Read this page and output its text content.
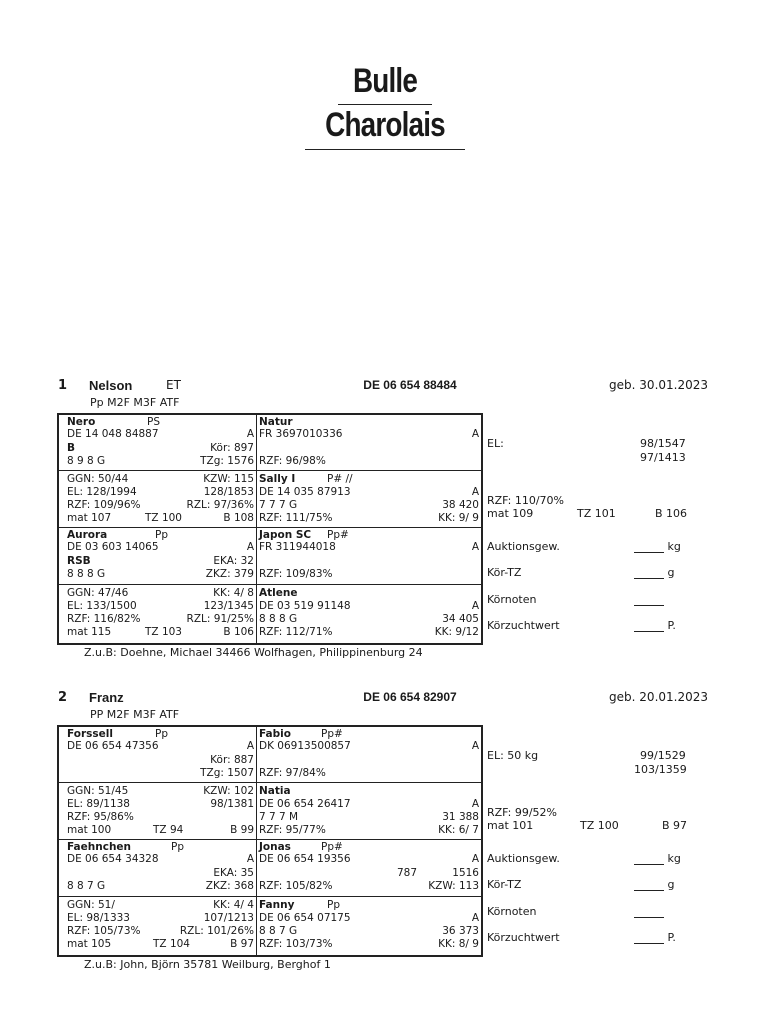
Bulle
Charolais
1 Nelson	ET	DE 06 654 88484	geb. 30.01.2023
Pp M2F M3F ATF
Nero	PS
DE 14 048 84887	A
B	Kör: 897
8 9 8 G	TZg: 1576
GGN: 50/44	KZW: 115
EL: 128/1994	128/1853
RZF: 109/96%	RZL: 97/36%
mat 107	TZ 100	B 108
Natur
FR 3697010336	A
RZF: 96/98%
Sally I	P# //
DE 14 035 87913	A
7 7 7 G	38 420
RZF: 111/75%	KK: 9/ 9
Aurora	Pp
DE 03 603 14065	A
RSB	EKA: 32
8 8 8 G	ZKZ: 379
GGN: 47/46	KK: 4/ 8
EL: 133/1500	123/1345
RZF: 116/82%	RZL: 91/25%
mat 115	TZ 103	B 106
Japon SC Pp#
FR 311944018	A
RZF: 109/83%
Atlene
DE 03 519 91148	A
8 8 8 G	34 405
RZF: 112/71%	KK: 9/12
EL:	98/1547
97/1413
RZF: 110/70%
mat 109	TZ 101	B 106
Auktionsgew.	kg
Kör-TZ	g
Körnoten
Körzuchtwert	P.
Z.u.B: Doehne, Michael 34466 Wolfhagen, Philippinenburg 24
2 Franz	DE 06 654 82907	geb. 20.01.2023
PP M2F M3F ATF
Forssell	Pp
DE 06 654 47356	A
Kör: 887
TZg: 1507
GGN: 51/45	KZW: 102
EL: 89/1138	98/1381
RZF: 95/86%
mat 100	TZ 94	B 99
Fabio	Pp#
DK 06913500857	A
RZF: 97/84%
Natia
DE 06 654 26417	A
7 7 7 M	31 388
RZF: 95/77%	KK: 6/ 7
Faehnchen	Pp
DE 06 654 34328	A
EKA: 35
8 8 7 G	ZKZ: 368
GGN: 51/	KK: 4/ 4
EL: 98/1333	107/1213
RZF: 105/73%	RZL: 101/26%
mat 105	TZ 104	B 97
Jonas	Pp#
DE 06 654 19356	A
787	1516
RZF: 105/82%	KZW: 113
Fanny	Pp
DE 06 654 07175	A
8 8 7 G	36 373
RZF: 103/73%	KK: 8/ 9
EL: 50 kg	99/1529
103/1359
RZF: 99/52%
mat 101	TZ 100	B 97
Auktionsgew.	kg
Kör-TZ	g
Körnoten
Körzuchtwert	P.
Z.u.B: John, Björn 35781 Weilburg, Berghof 1
